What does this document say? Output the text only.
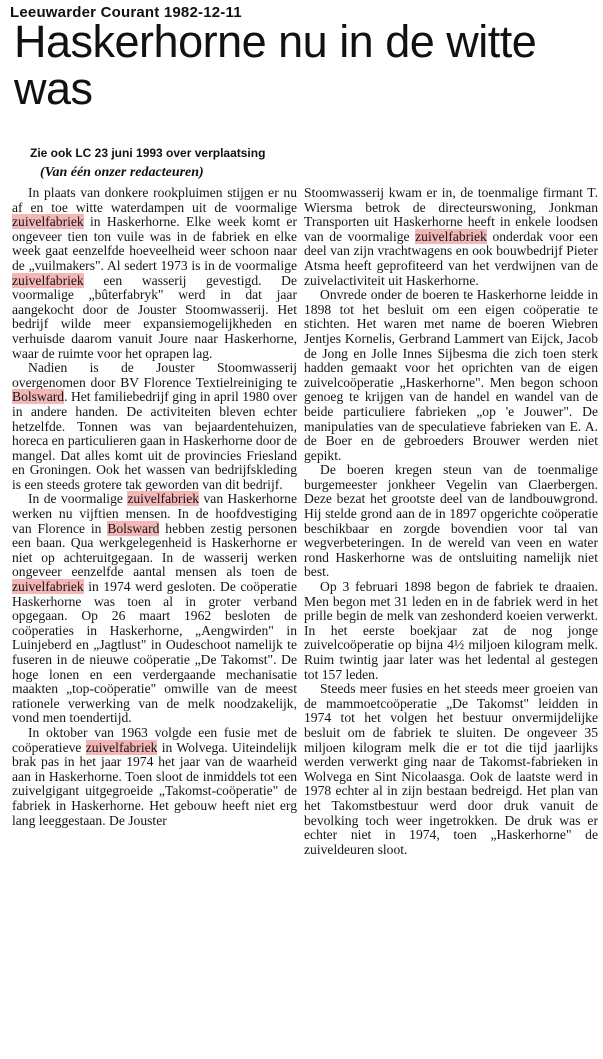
Leeuwarder Courant 1982-12-11
Haskerhorne nu in de witte was
Zie ook LC 23 juni 1993 over verplaatsing
(Van één onzer redacteuren)

In plaats van donkere rookpluimen stijgen er nu af en toe witte waterdampen uit de voormalige zuivelfabriek in Haskerhorne. Elke week komt er ongeveer tien ton vuile was in de fabriek en elke week gaat eenzelfde hoeveelheid weer schoon naar de „vuilmakers". Al sedert 1973 is in de voormalige zuivelfabriek een wasserij gevestigd. De voormalige „bûterfabryk" werd in dat jaar aangekocht door de Jouster Stoomwasserij. Het bedrijf wilde meer expansiemogelijkheden en verhuisde daarom vanuit Joure naar Haskerhorne, waar de ruimte voor het oprapen lag.

Nadien is de Jouster Stoomwasserij overgenomen door BV Florence Textielreiniging te Bolsward. Het familiebedrijf ging in april 1980 over in andere handen. De activiteiten bleven echter hetzelfde. Tonnen was van bejaardentehuizen, horeca en particulieren gaan in Haskerhorne door de mangel. Dat alles komt uit de provincies Friesland en Groningen. Ook het wassen van bedrijfskleding is een steeds grotere tak geworden van dit bedrijf.

In de voormalige zuivelfabriek van Haskerhorne werken nu vijftien mensen. In de hoofdvestiging van Florence in Bolsward hebben zestig personen een baan. Qua werkgelegenheid is Haskerhorne er niet op achteruitgegaan. In de wasserij werken ongeveer eenzelfde aantal mensen als toen de zuivelfabriek in 1974 werd gesloten. De coöperatie Haskerhorne was toen al in groter verband opgegaan. Op 26 maart 1962 besloten de coöperaties in Haskerhorne, „Aengwirden" in Luinjeberd en „Jagtlust" in Oudeschoot namelijk te fuseren in de nieuwe coöperatie „De Takomst". De hoge lonen en een verdergaande mechanisatie maakten „top-coöperatie" omwille van de meest rationele verwerking van de melk noodzakelijk, vond men toendertijd.

In oktober van 1963 volgde een fusie met de coöperatieve zuivelfabriek in Wolvega. Uiteindelijk brak pas in het jaar 1974 het jaar van de waarheid aan in Haskerhorne. Toen sloot de inmiddels tot een zuivelgigant uitgegroeide „Takomst-coöperatie" de fabriek in Haskerhorne. Het gebouw heeft niet erg lang leeggestaan. De Jouster

Stoomwasserij kwam er in, de toenmalige firmant T. Wiersma betrok de directeurswoning, Jonkman Transporten uit Haskerhorne heeft in enkele loodsen van de voormalige zuivelfabriek onderdak voor een deel van zijn vrachtwagens en ook bouwbedrijf Pieter Atsma heeft geprofiteerd van het verdwijnen van de zuivelactiviteit uit Haskerhorne.

Onvrede onder de boeren te Haskerhorne leidde in 1898 tot het besluit om een eigen coöperatie te stichten. Het waren met name de boeren Wiebren Jentjes Kornelis, Gerbrand Lammert van Eijck, Jacob de Jong en Jolle Innes Sijbesma die zich toen sterk hadden gemaakt voor het oprichten van de eigen zuivelcoöperatie „Haskerhorne". Men begon schoon genoeg te krijgen van de handel en wandel van de beide particuliere fabrieken „op 'e Jouwer". De manipulaties van de speculatieve fabrieken van E. A. de Boer en de gebroeders Brouwer werden niet gepikt.

De boeren kregen steun van de toenmalige burgemeester jonkheer Vegelin van Claerbergen. Deze bezat het grootste deel van de landbouwgrond. Hij stelde grond aan de in 1897 opgerichte coöperatie beschikbaar en zorgde bovendien voor tal van wegverbeteringen. In de wereld van veen en water rond Haskerhorne was de ontsluiting namelijk niet best.

Op 3 februari 1898 begon de fabriek te draaien. Men begon met 31 leden en in de fabriek werd in het prille begin de melk van zeshonderd koeien verwerkt. In het eerste boekjaar zat de nog jonge zuivelcoöperatie op bijna 4½ miljoen kilogram melk. Ruim twintig jaar later was het ledental al gestegen tot 157 leden.

Steeds meer fusies en het steeds meer groeien van de mammoetcoöperatie „De Takomst" leidden in 1974 tot het volgen het bestuur onvermijdelijke besluit om de fabriek te sluiten. De ongeveer 35 miljoen kilogram melk die er tot die tijd jaarlijks werden verwerkt ging naar de Takomst-fabrieken in Wolvega en Sint Nicolaasga. Ook de laatste werd in 1978 echter al in zijn bestaan bedreigd. Het plan van het Takomstbestuur werd door druk vanuit de bevolking toch weer ingetrokken. De druk was er echter niet in 1974, toen „Haskerhorne" de zuiveldeuren sloot.
